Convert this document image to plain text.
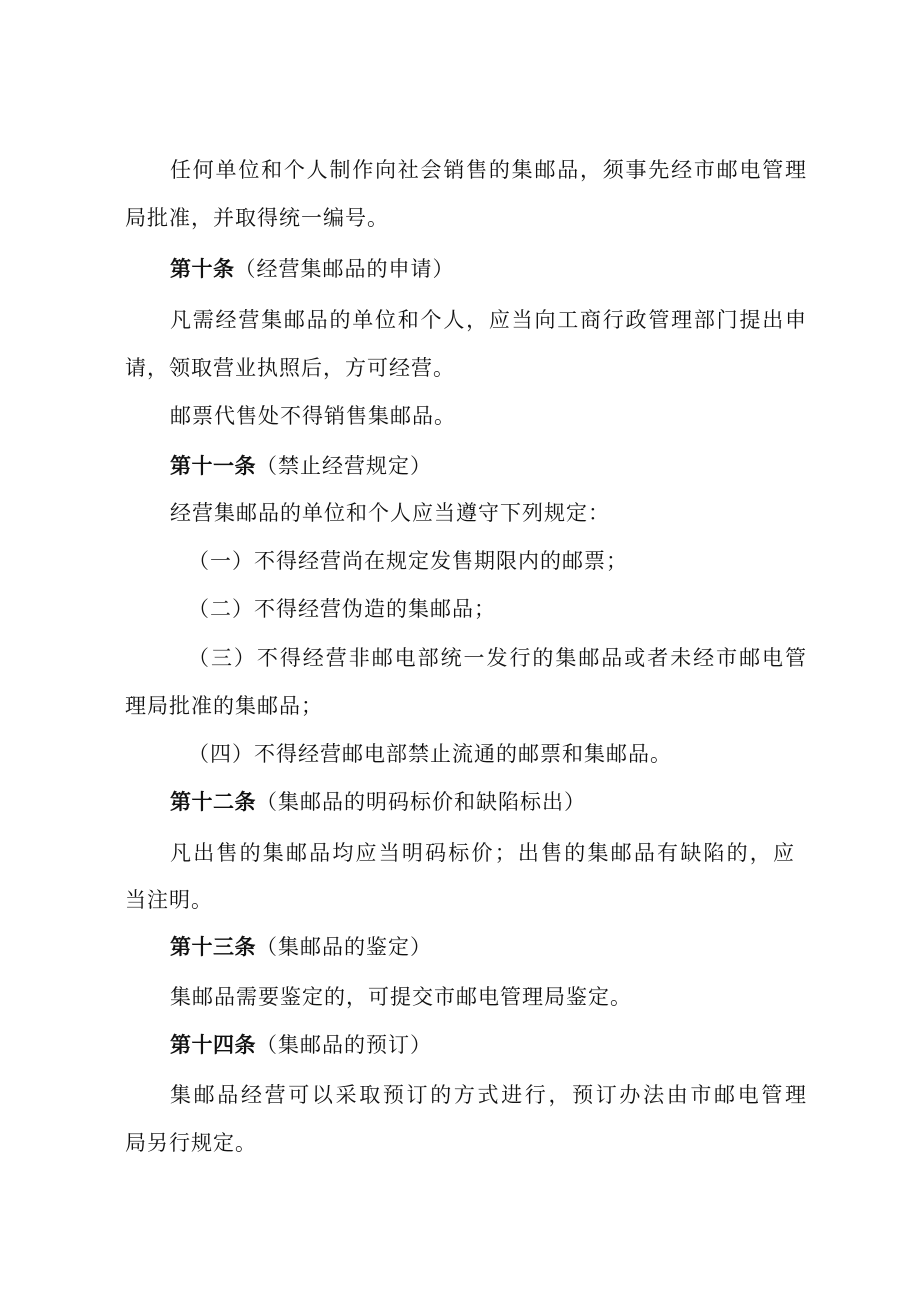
任何单位和个人制作向社会销售的集邮品，须事先经市邮电管理
局批准，并取得统一编号。
第十条（经营集邮品的申请）
凡需经营集邮品的单位和个人，应当向工商行政管理部门提出申
请，领取营业执照后，方可经营。
邮票代售处不得销售集邮品。
第十一条（禁止经营规定）
经营集邮品的单位和个人应当遵守下列规定：
（一）不得经营尚在规定发售期限内的邮票；
（二）不得经营伪造的集邮品；
（三）不得经营非邮电部统一发行的集邮品或者未经市邮电管
理局批准的集邮品；
（四）不得经营邮电部禁止流通的邮票和集邮品。
第十二条（集邮品的明码标价和缺陷标出）
凡出售的集邮品均应当明码标价；出售的集邮品有缺陷的，应
当注明。
第十三条（集邮品的鉴定）
集邮品需要鉴定的，可提交市邮电管理局鉴定。
第十四条（集邮品的预订）
集邮品经营可以采取预订的方式进行，预订办法由市邮电管理
局另行规定。
